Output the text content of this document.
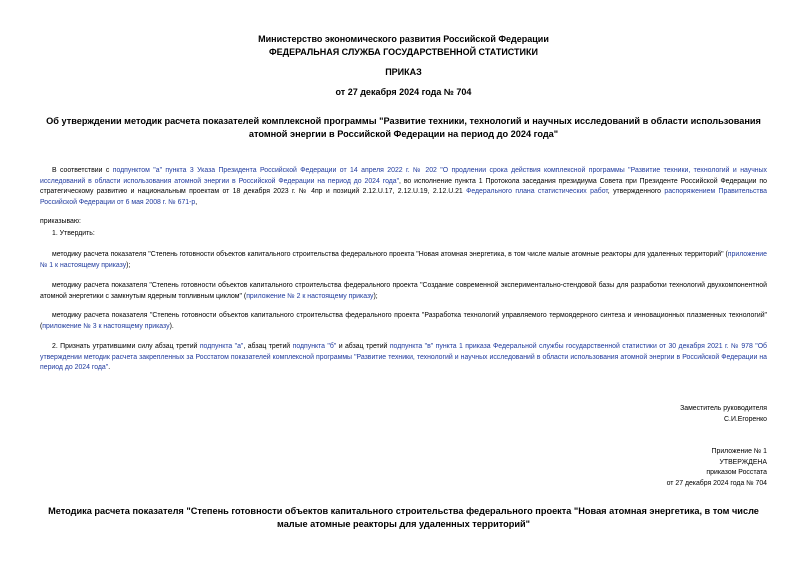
Министерство экономического развития Российской Федерации
ФЕДЕРАЛЬНАЯ СЛУЖБА ГОСУДАРСТВЕННОЙ СТАТИСТИКИ
ПРИКАЗ
от 27 декабря 2024 года № 704
Об утверждении методик расчета показателей комплексной программы "Развитие техники, технологий и научных исследований в области использования атомной энергии в Российской Федерации на период до 2024 года"
В соответствии с подпунктом "а" пункта 3 Указа Президента Российской Федерации от 14 апреля 2022 г. № 202 "О продлении срока действия комплексной программы "Развитие техники, технологий и научных исследований в области использования атомной энергии в Российской Федерации на период до 2024 года", во исполнение пункта 1 Протокола заседания президиума Совета при Президенте Российской Федерации по стратегическому развитию и национальным проектам от 18 декабря 2023 г. № 4пр и позиций 2.12.U.17, 2.12.U.19, 2.12.U.21 Федерального плана статистических работ, утвержденного распоряжением Правительства Российской Федерации от 6 мая 2008 г. № 671-р,
приказываю:
1. Утвердить:
методику расчета показателя "Степень готовности объектов капитального строительства федерального проекта "Новая атомная энергетика, в том числе малые атомные реакторы для удаленных территорий" (приложение № 1 к настоящему приказу);
методику расчета показателя "Степень готовности объектов капитального строительства федерального проекта "Создание современной экспериментально-стендовой базы для разработки технологий двухкомпонентной атомной энергетики с замкнутым ядерным топливным циклом" (приложение № 2 к настоящему приказу);
методику расчета показателя "Степень готовности объектов капитального строительства федерального проекта "Разработка технологий управляемого термоядерного синтеза и инновационных плазменных технологий" (приложение № 3 к настоящему приказу).
2. Признать утратившими силу абзац третий подпункта "а", абзац третий подпункта "б" и абзац третий подпункта "в" пункта 1 приказа Федеральной службы государственной статистики от 30 декабря 2021 г. № 978 "Об утверждении методик расчета закрепленных за Росстатом показателей комплексной программы "Развитие техники, технологий и научных исследований в области использования атомной энергии в Российской Федерации на период до 2024 года".
Заместитель руководителя
С.И.Егоренко
Приложение № 1
УТВЕРЖДЕНА
приказом Росстата
от 27 декабря 2024 года № 704
Методика расчета показателя "Степень готовности объектов капитального строительства федерального проекта "Новая атомная энергетика, в том числе малые атомные реакторы для удаленных территорий"
